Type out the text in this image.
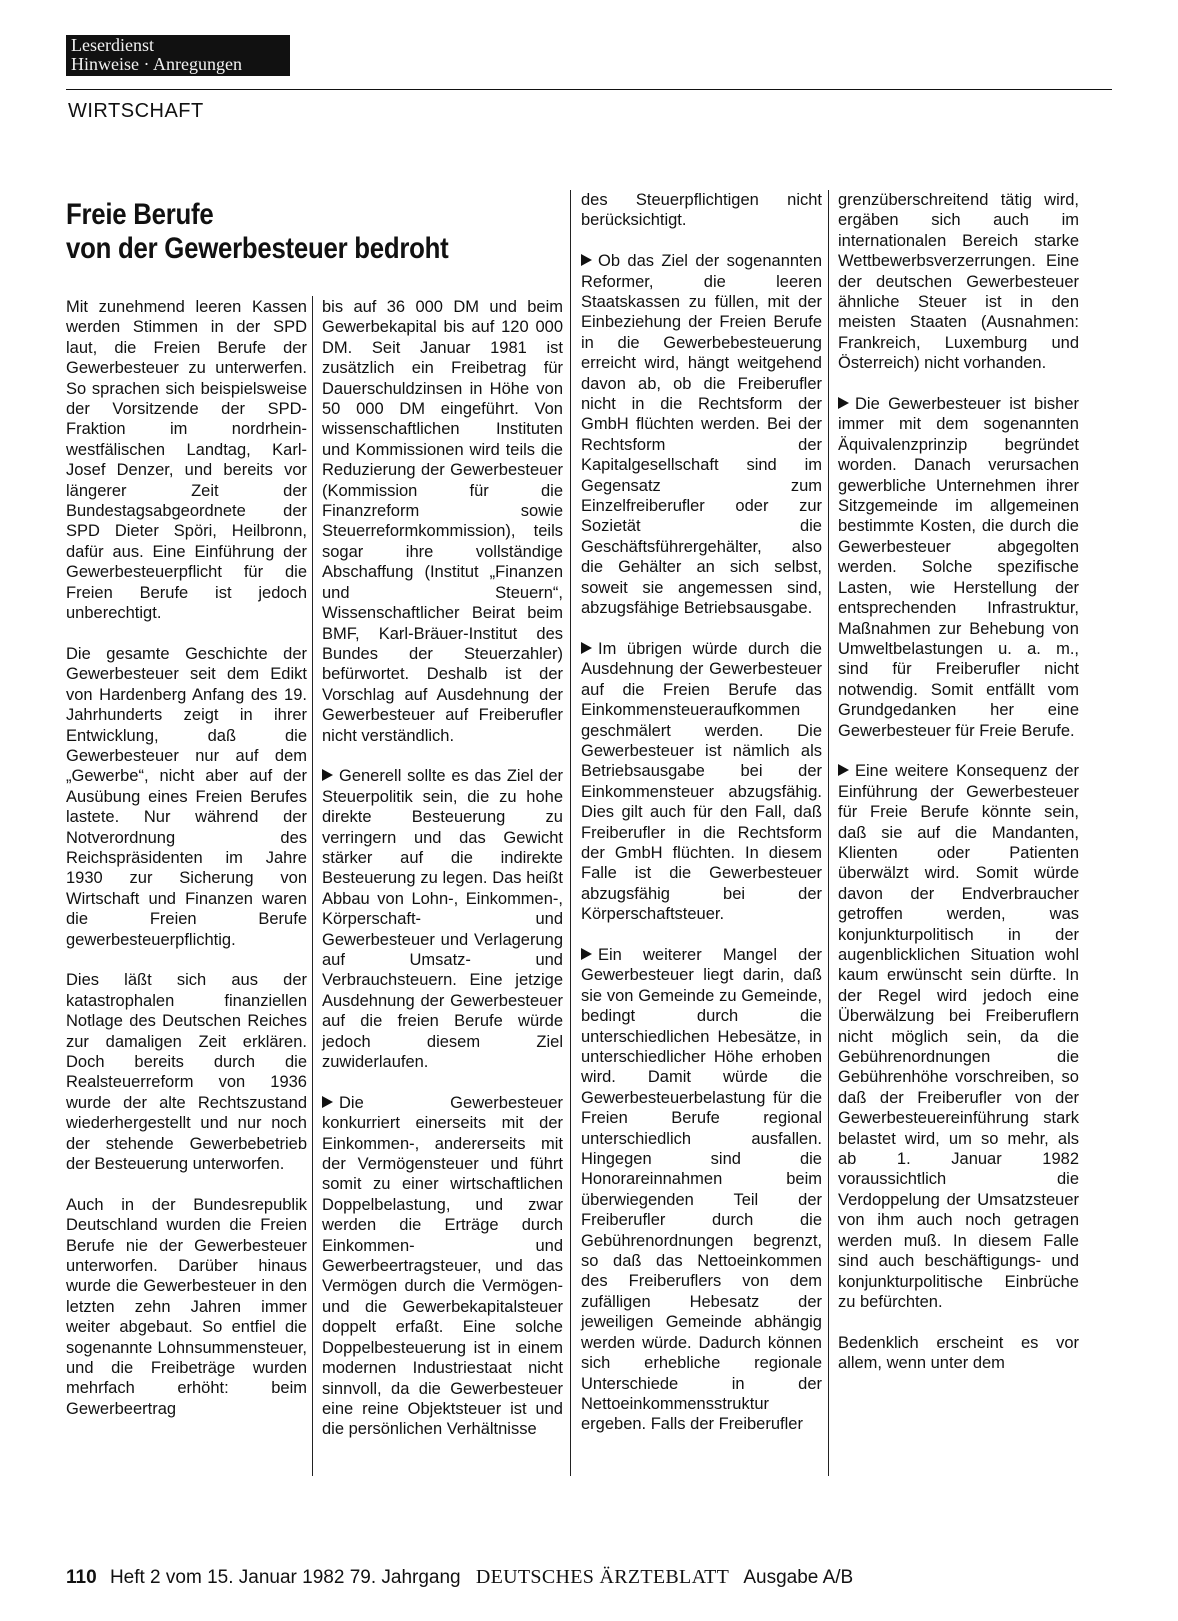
Leserdienst
Hinweise · Anregungen
WIRTSCHAFT
Freie Berufe
von der Gewerbesteuer bedroht

Mit zunehmend leeren Kassen werden Stimmen in der SPD laut, die Freien Berufe der Gewerbesteuer zu unterwerfen. So sprachen sich beispielsweise der Vorsitzende der SPD-Fraktion im nordrhein-westfälischen Landtag, Karl-Josef Denzer, und bereits vor längerer Zeit der Bundestagsabgeordnete der SPD Dieter Spöri, Heilbronn, dafür aus. Eine Einführung der Gewerbesteuerpflicht für die Freien Berufe ist jedoch unberechtigt.

Die gesamte Geschichte der Gewerbesteuer seit dem Edikt von Hardenberg Anfang des 19. Jahrhunderts zeigt in ihrer Entwicklung, daß die Gewerbesteuer nur auf dem „Gewerbe“, nicht aber auf der Ausübung eines Freien Berufes lastete. Nur während der Notverordnung des Reichspräsidenten im Jahre 1930 zur Sicherung von Wirtschaft und Finanzen waren die Freien Berufe gewerbesteuerpflichtig.

Dies läßt sich aus der katastrophalen finanziellen Notlage des Deutschen Reiches zur damaligen Zeit erklären. Doch bereits durch die Realsteuerreform von 1936 wurde der alte Rechtszustand wiederhergestellt und nur noch der stehende Gewerbebetrieb der Besteuerung unterworfen.

Auch in der Bundesrepublik Deutschland wurden die Freien Berufe nie der Gewerbesteuer unterworfen. Darüber hinaus wurde die Gewerbesteuer in den letzten zehn Jahren immer weiter abgebaut. So entfiel die sogenannte Lohnsummensteuer, und die Freibeträge wurden mehrfach erhöht: beim Gewerbeertrag

bis auf 36 000 DM und beim Gewerbekapital bis auf 120 000 DM. Seit Januar 1981 ist zusätzlich ein Freibetrag für Dauerschuldzinsen in Höhe von 50 000 DM eingeführt. Von wissenschaftlichen Instituten und Kommissionen wird teils die Reduzierung der Gewerbesteuer (Kommission für die Finanzreform sowie Steuerreformkommission), teils sogar ihre vollständige Abschaffung (Institut „Finanzen und Steuern“, Wissenschaftlicher Beirat beim BMF, Karl-Bräuer-Institut des Bundes der Steuerzahler) befürwortet. Deshalb ist der Vorschlag auf Ausdehnung der Gewerbesteuer auf Freiberufler nicht verständlich.

Generell sollte es das Ziel der Steuerpolitik sein, die zu hohe direkte Besteuerung zu verringern und das Gewicht stärker auf die indirekte Besteuerung zu legen. Das heißt Abbau von Lohn-, Einkommen-, Körperschaft- und Gewerbesteuer und Verlagerung auf Umsatz- und Verbrauchsteuern. Eine jetzige Ausdehnung der Gewerbesteuer auf die freien Berufe würde jedoch diesem Ziel zuwiderlaufen.

Die Gewerbesteuer konkurriert einerseits mit der Einkommen-, andererseits mit der Vermögensteuer und führt somit zu einer wirtschaftlichen Doppelbelastung, und zwar werden die Erträge durch Einkommen- und Gewerbeertragsteuer, und das Vermögen durch die Vermögen- und die Gewerbekapitalsteuer doppelt erfaßt. Eine solche Doppelbesteuerung ist in einem modernen Industriestaat nicht sinnvoll, da die Gewerbesteuer eine reine Objektsteuer ist und die persönlichen Verhältnisse

des Steuerpflichtigen nicht berücksichtigt.

Ob das Ziel der sogenannten Reformer, die leeren Staatskassen zu füllen, mit der Einbeziehung der Freien Berufe in die Gewerbebesteuerung erreicht wird, hängt weitgehend davon ab, ob die Freiberufler nicht in die Rechtsform der GmbH flüchten werden. Bei der Rechtsform der Kapitalgesellschaft sind im Gegensatz zum Einzelfreiberufler oder zur Sozietät die Geschäftsführergehälter, also die Gehälter an sich selbst, soweit sie angemessen sind, abzugsfähige Betriebsausgabe.

Im übrigen würde durch die Ausdehnung der Gewerbesteuer auf die Freien Berufe das Einkommensteueraufkommen geschmälert werden. Die Gewerbesteuer ist nämlich als Betriebsausgabe bei der Einkommensteuer abzugsfähig. Dies gilt auch für den Fall, daß Freiberufler in die Rechtsform der GmbH flüchten. In diesem Falle ist die Gewerbesteuer abzugsfähig bei der Körperschaftsteuer.

Ein weiterer Mangel der Gewerbesteuer liegt darin, daß sie von Gemeinde zu Gemeinde, bedingt durch die unterschiedlichen Hebesätze, in unterschiedlicher Höhe erhoben wird. Damit würde die Gewerbesteuerbelastung für die Freien Berufe regional unterschiedlich ausfallen. Hingegen sind die Honorareinnahmen beim überwiegenden Teil der Freiberufler durch die Gebührenordnungen begrenzt, so daß das Nettoeinkommen des Freiberuflers von dem zufälligen Hebesatz der jeweiligen Gemeinde abhängig werden würde. Dadurch können sich erhebliche regionale Unterschiede in der Nettoeinkommensstruktur ergeben. Falls der Freiberufler

grenzüberschreitend tätig wird, ergäben sich auch im internationalen Bereich starke Wettbewerbsverzerrungen. Eine der deutschen Gewerbesteuer ähnliche Steuer ist in den meisten Staaten (Ausnahmen: Frankreich, Luxemburg und Österreich) nicht vorhanden.

Die Gewerbesteuer ist bisher immer mit dem sogenannten Äquivalenzprinzip begründet worden. Danach verursachen gewerbliche Unternehmen ihrer Sitzgemeinde im allgemeinen bestimmte Kosten, die durch die Gewerbesteuer abgegolten werden. Solche spezifische Lasten, wie Herstellung der entsprechenden Infrastruktur, Maßnahmen zur Behebung von Umweltbelastungen u. a. m., sind für Freiberufler nicht notwendig. Somit entfällt vom Grundgedanken her eine Gewerbesteuer für Freie Berufe.

Eine weitere Konsequenz der Einführung der Gewerbesteuer für Freie Berufe könnte sein, daß sie auf die Mandanten, Klienten oder Patienten überwälzt wird. Somit würde davon der Endverbraucher getroffen werden, was konjunkturpolitisch in der augenblicklichen Situation wohl kaum erwünscht sein dürfte. In der Regel wird jedoch eine Überwälzung bei Freiberuflern nicht möglich sein, da die Gebührenordnungen die Gebührenhöhe vorschreiben, so daß der Freiberufler von der Gewerbesteuereinführung stark belastet wird, um so mehr, als ab 1. Januar 1982 voraussichtlich die Verdoppelung der Umsatzsteuer von ihm auch noch getragen werden muß. In diesem Falle sind auch beschäftigungs- und konjunkturpolitische Einbrüche zu befürchten.

Bedenklich erscheint es vor allem, wenn unter dem

110 Heft 2 vom 15. Januar 1982 79. Jahrgang DEUTSCHES ÄRZTEBLATT Ausgabe A/B
